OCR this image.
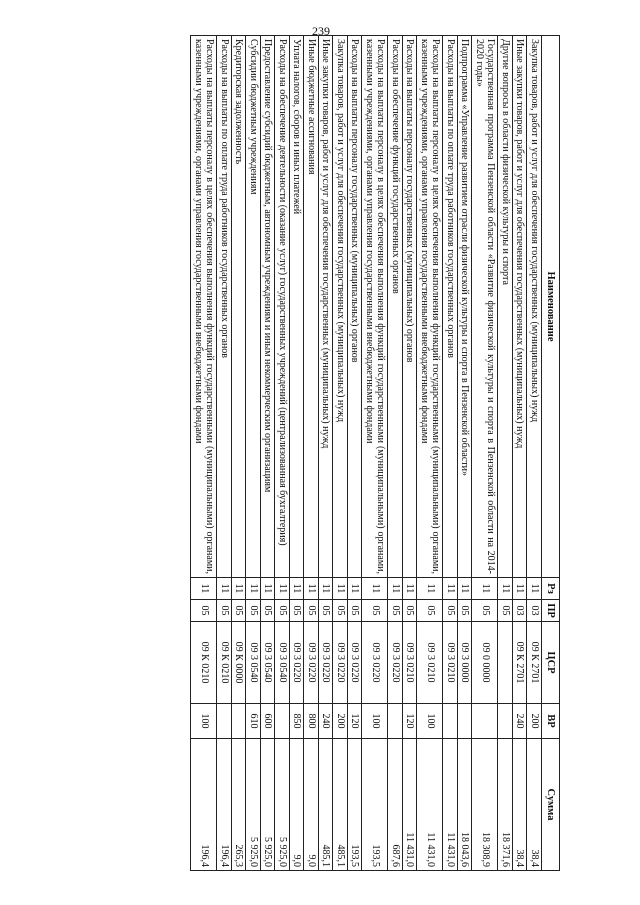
239
Наименование	Рз	ПР	ЦСР	ВР	Сумма
Закупка товаров, работ и услуг для обеспечения государственных (муниципальных) нужд	11	03	09 К 2701	200	38,4
Иные закупки товаров, работ и услуг для обеспечения государственных (муниципальных) нужд	11	03	09 К 2701	240	38,4
Другие вопросы в области физической культуры и спорта	11	05			18 371,6
Государственная программа Пензенской области «Развитие физической культуры и спорта в Пензенской области на 2014-2020 годы»	11	05	09 0 0000		18 308,9
Подпрограмма «Управление развитием отрасли физической культуры и спорта в Пензенской области»	11	05	09 3 0000		18 043,6
Расходы на выплаты по оплате труда работников государственных органов	11	05	09 3 0210		11 431,0
Расходы на выплаты персоналу в целях обеспечения выполнения функций государственными (муниципальными) органами, казенными учреждениями, органами управления государственными внебюджетными фондами	11	05	09 3 0210	100	11 431,0
Расходы на выплаты персоналу государственных (муниципальных) органов	11	05	09 3 0210	120	11 431,0
Расходы на обеспечение функций государственных органов	11	05	09 3 0220		687,6
Расходы на выплаты персоналу в целях обеспечения выполнения функций государственными (муниципальными) органами, казенными учреждениями, органами управления государственными внебюджетными фондами	11	05	09 3 0220	100	193,5
Расходы на выплаты персоналу государственных (муниципальных) органов	11	05	09 3 0220	120	193,5
Закупка товаров, работ и услуг для обеспечения государственных (муниципальных) нужд	11	05	09 3 0220	200	485,1
Иные закупки товаров, работ и услуг для обеспечения государственных (муниципальных) нужд	11	05	09 3 0220	240	485,1
Иные бюджетные ассигнования	11	05	09 3 0220	800	9,0
Уплата налогов, сборов и иных платежей	11	05	09 3 0220	850	9,0
Расходы на обеспечение деятельности (оказание услуг) государственных учреждений (централизованная бухгалтерия)	11	05	09 3 0540		5 925,0
Предоставление субсидий бюджетным, автономным учреждениям и иным некоммерческим организациям	11	05	09 3 0540	600	5 925,0
Субсидии бюджетным учреждениям	11	05	09 3 0540	610	5 925,0
Кредиторская задолженность	11	05	09 К 0000		265,3
Расходы на выплаты по оплате труда работников государственных органов	11	05	09 К 0210		196,4
Расходы на выплаты персоналу в целях обеспечения выполнения функций государственными (муниципальными) органами, казенными учреждениями, органами управления государственными внебюджетными фондами	11	05	09 К 0210	100	196,4
